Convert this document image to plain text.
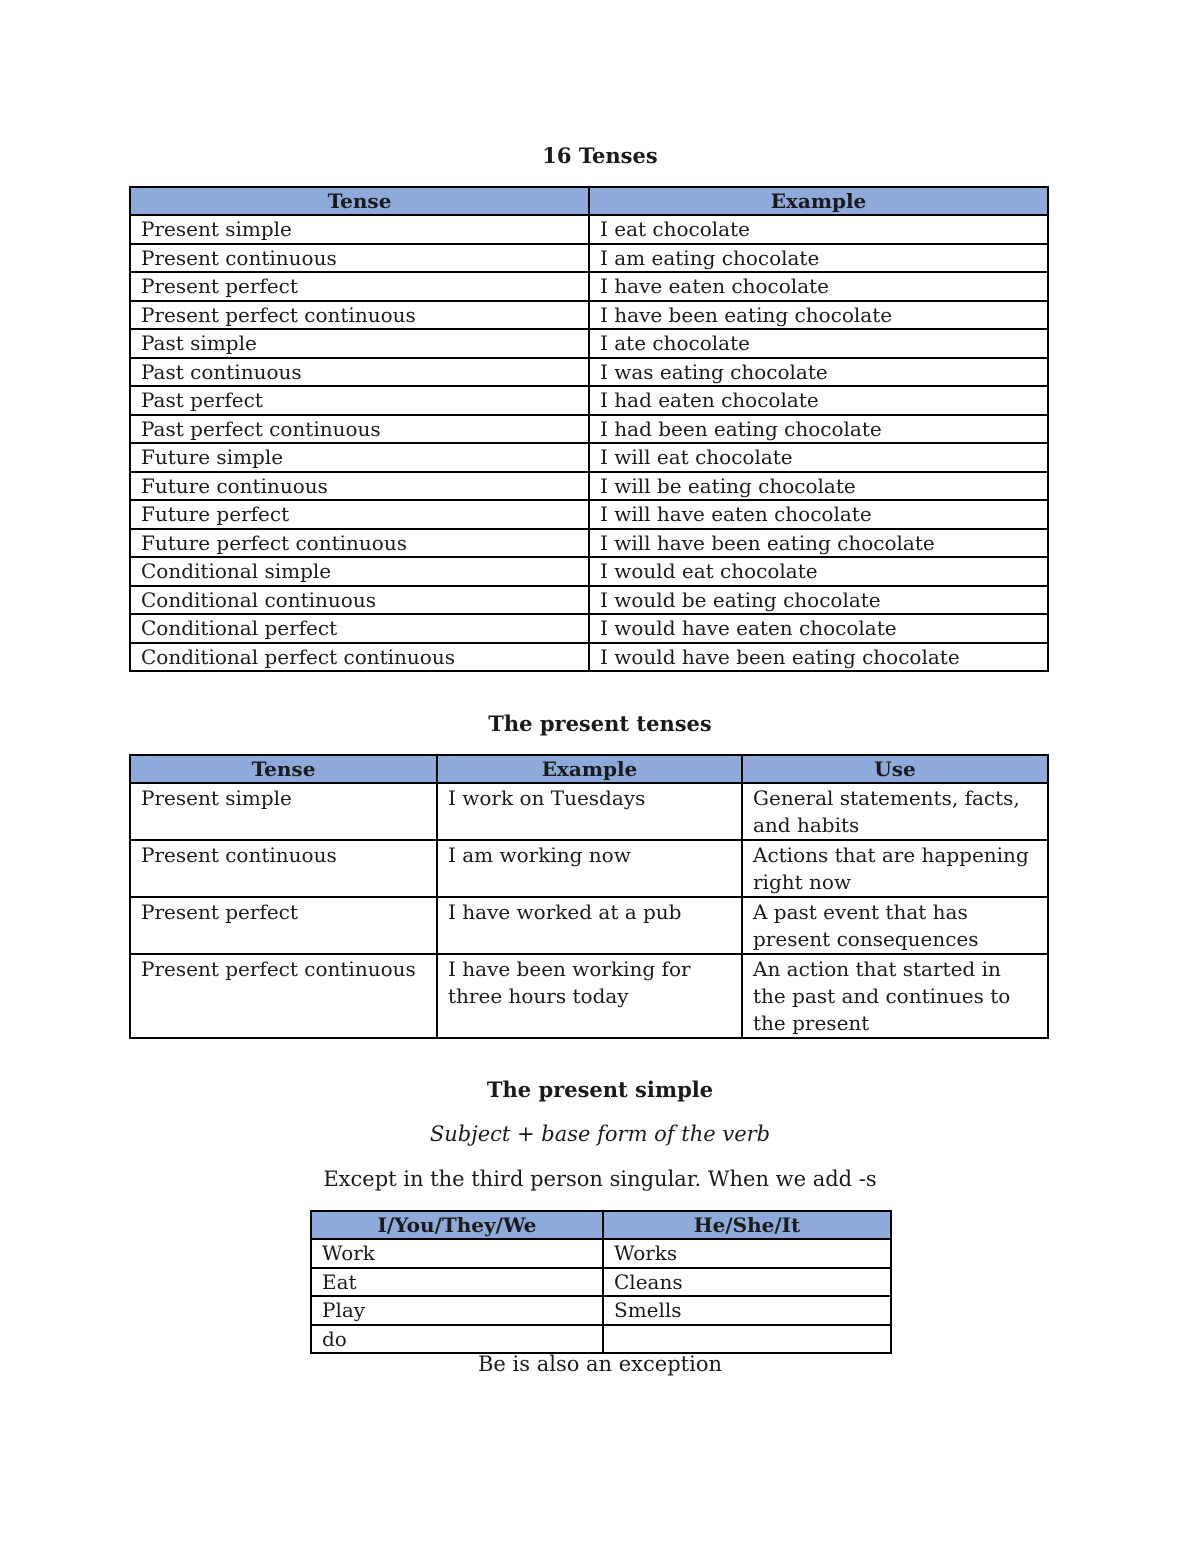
16 Tenses
Tense	Example
Present simple	I eat chocolate
Present continuous	I am eating chocolate
Present perfect	I have eaten chocolate
Present perfect continuous	I have been eating chocolate
Past simple	I ate chocolate
Past continuous	I was eating chocolate
Past perfect	I had eaten chocolate
Past perfect continuous	I had been eating chocolate
Future simple	I will eat chocolate
Future continuous	I will be eating chocolate
Future perfect	I will have eaten chocolate
Future perfect continuous	I will have been eating chocolate
Conditional simple	I would eat chocolate
Conditional continuous	I would be eating chocolate
Conditional perfect	I would have eaten chocolate
Conditional perfect continuous	I would have been eating chocolate
The present tenses
Tense	Example	Use
Present simple	I work on Tuesdays	General statements, facts, and habits
Present continuous	I am working now	Actions that are happening right now
Present perfect	I have worked at a pub	A past event that has present consequences
Present perfect continuous	I have been working for three hours today	An action that started in the past and continues to the present
The present simple

Subject + base form of the verb

Except in the third person singular. When we add -s

I/You/They/We	He/She/It
Work	Works
Eat	Cleans
Play	Smells
do	

Be is also an exception
